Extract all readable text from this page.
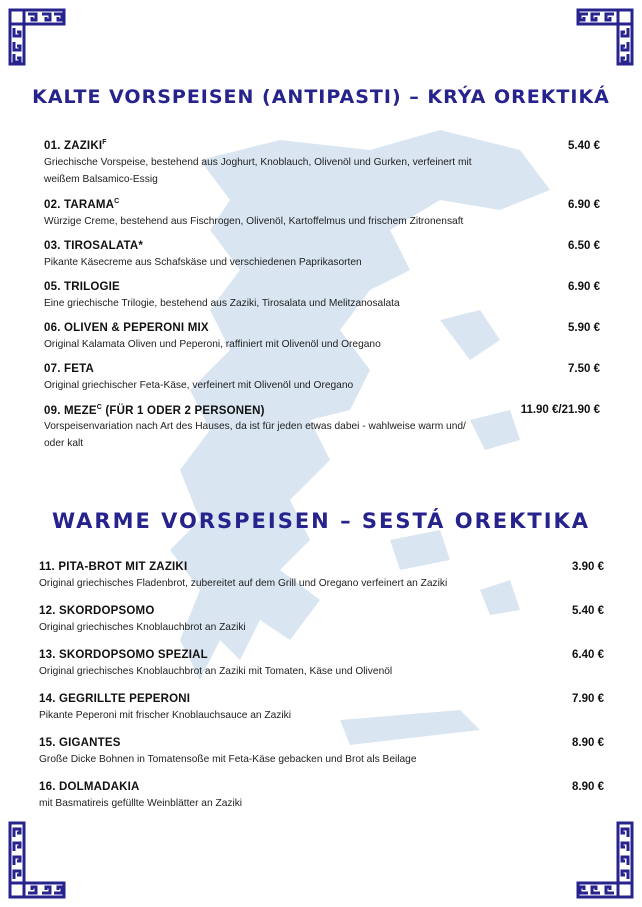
KALTE VORSPEISEN (ANTIPASTI) – KRÝA OREKTIKÁ
01. $ZAZIKI^F$	5.40 €
Griechische Vorspeise, bestehend aus Joghurt, Knoblauch, Olivenöl und Gurken, verfeinert mit weißem Balsamico-Essig
02. $TARAMA^C$	6.90 €
Würzige Creme, bestehend aus Fischrogen, Olivenöl, Kartoffelmus und frischem Zitronensaft
03. TIROSALATA*	6.50 €
Pikante Käsecreme aus Schafskäse und verschiedenen Paprikasorten
05. TRILOGIE	6.90 €
Eine griechische Trilogie, bestehend aus Zaziki, Tirosalata und Melitzanosalata
06. OLIVEN & PEPERONI MIX	5.90 €
Original Kalamata Oliven und Peperoni, raffiniert mit Olivenöl und Oregano
07. FETA	7.50 €
Original griechischer Feta-Käse, verfeinert mit Olivenöl und Oregano
09. $MEZE^C$ (FÜR 1 ODER 2 PERSONEN)	11.90 €/21.90 €
Vorspeisenvariation nach Art des Hauses, da ist für jeden etwas dabei - wahlweise warm und/ oder kalt
WARME VORSPEISEN – SESTÁ OREKTIKA
11. PITA-BROT MIT ZAZIKI	3.90 €
Original griechisches Fladenbrot, zubereitet auf dem Grill und Oregano verfeinert an Zaziki
12. SKORDOPSOMO	5.40 €
Original griechisches Knoblauchbrot an Zaziki
13. SKORDOPSOMO SPEZIAL	6.40 €
Original griechisches Knoblauchbrot an Zaziki mit Tomaten, Käse und Olivenöl
14. GEGRILLTE PEPERONI	7.90 €
Pikante Peperoni mit frischer Knoblauchsauce an Zaziki
15. GIGANTES	8.90 €
Große Dicke Bohnen in Tomatensoße mit Feta-Käse gebacken und Brot als Beilage
16. DOLMADAKIA	8.90 €
mit Basmatireis gefüllte Weinblätter an Zaziki
